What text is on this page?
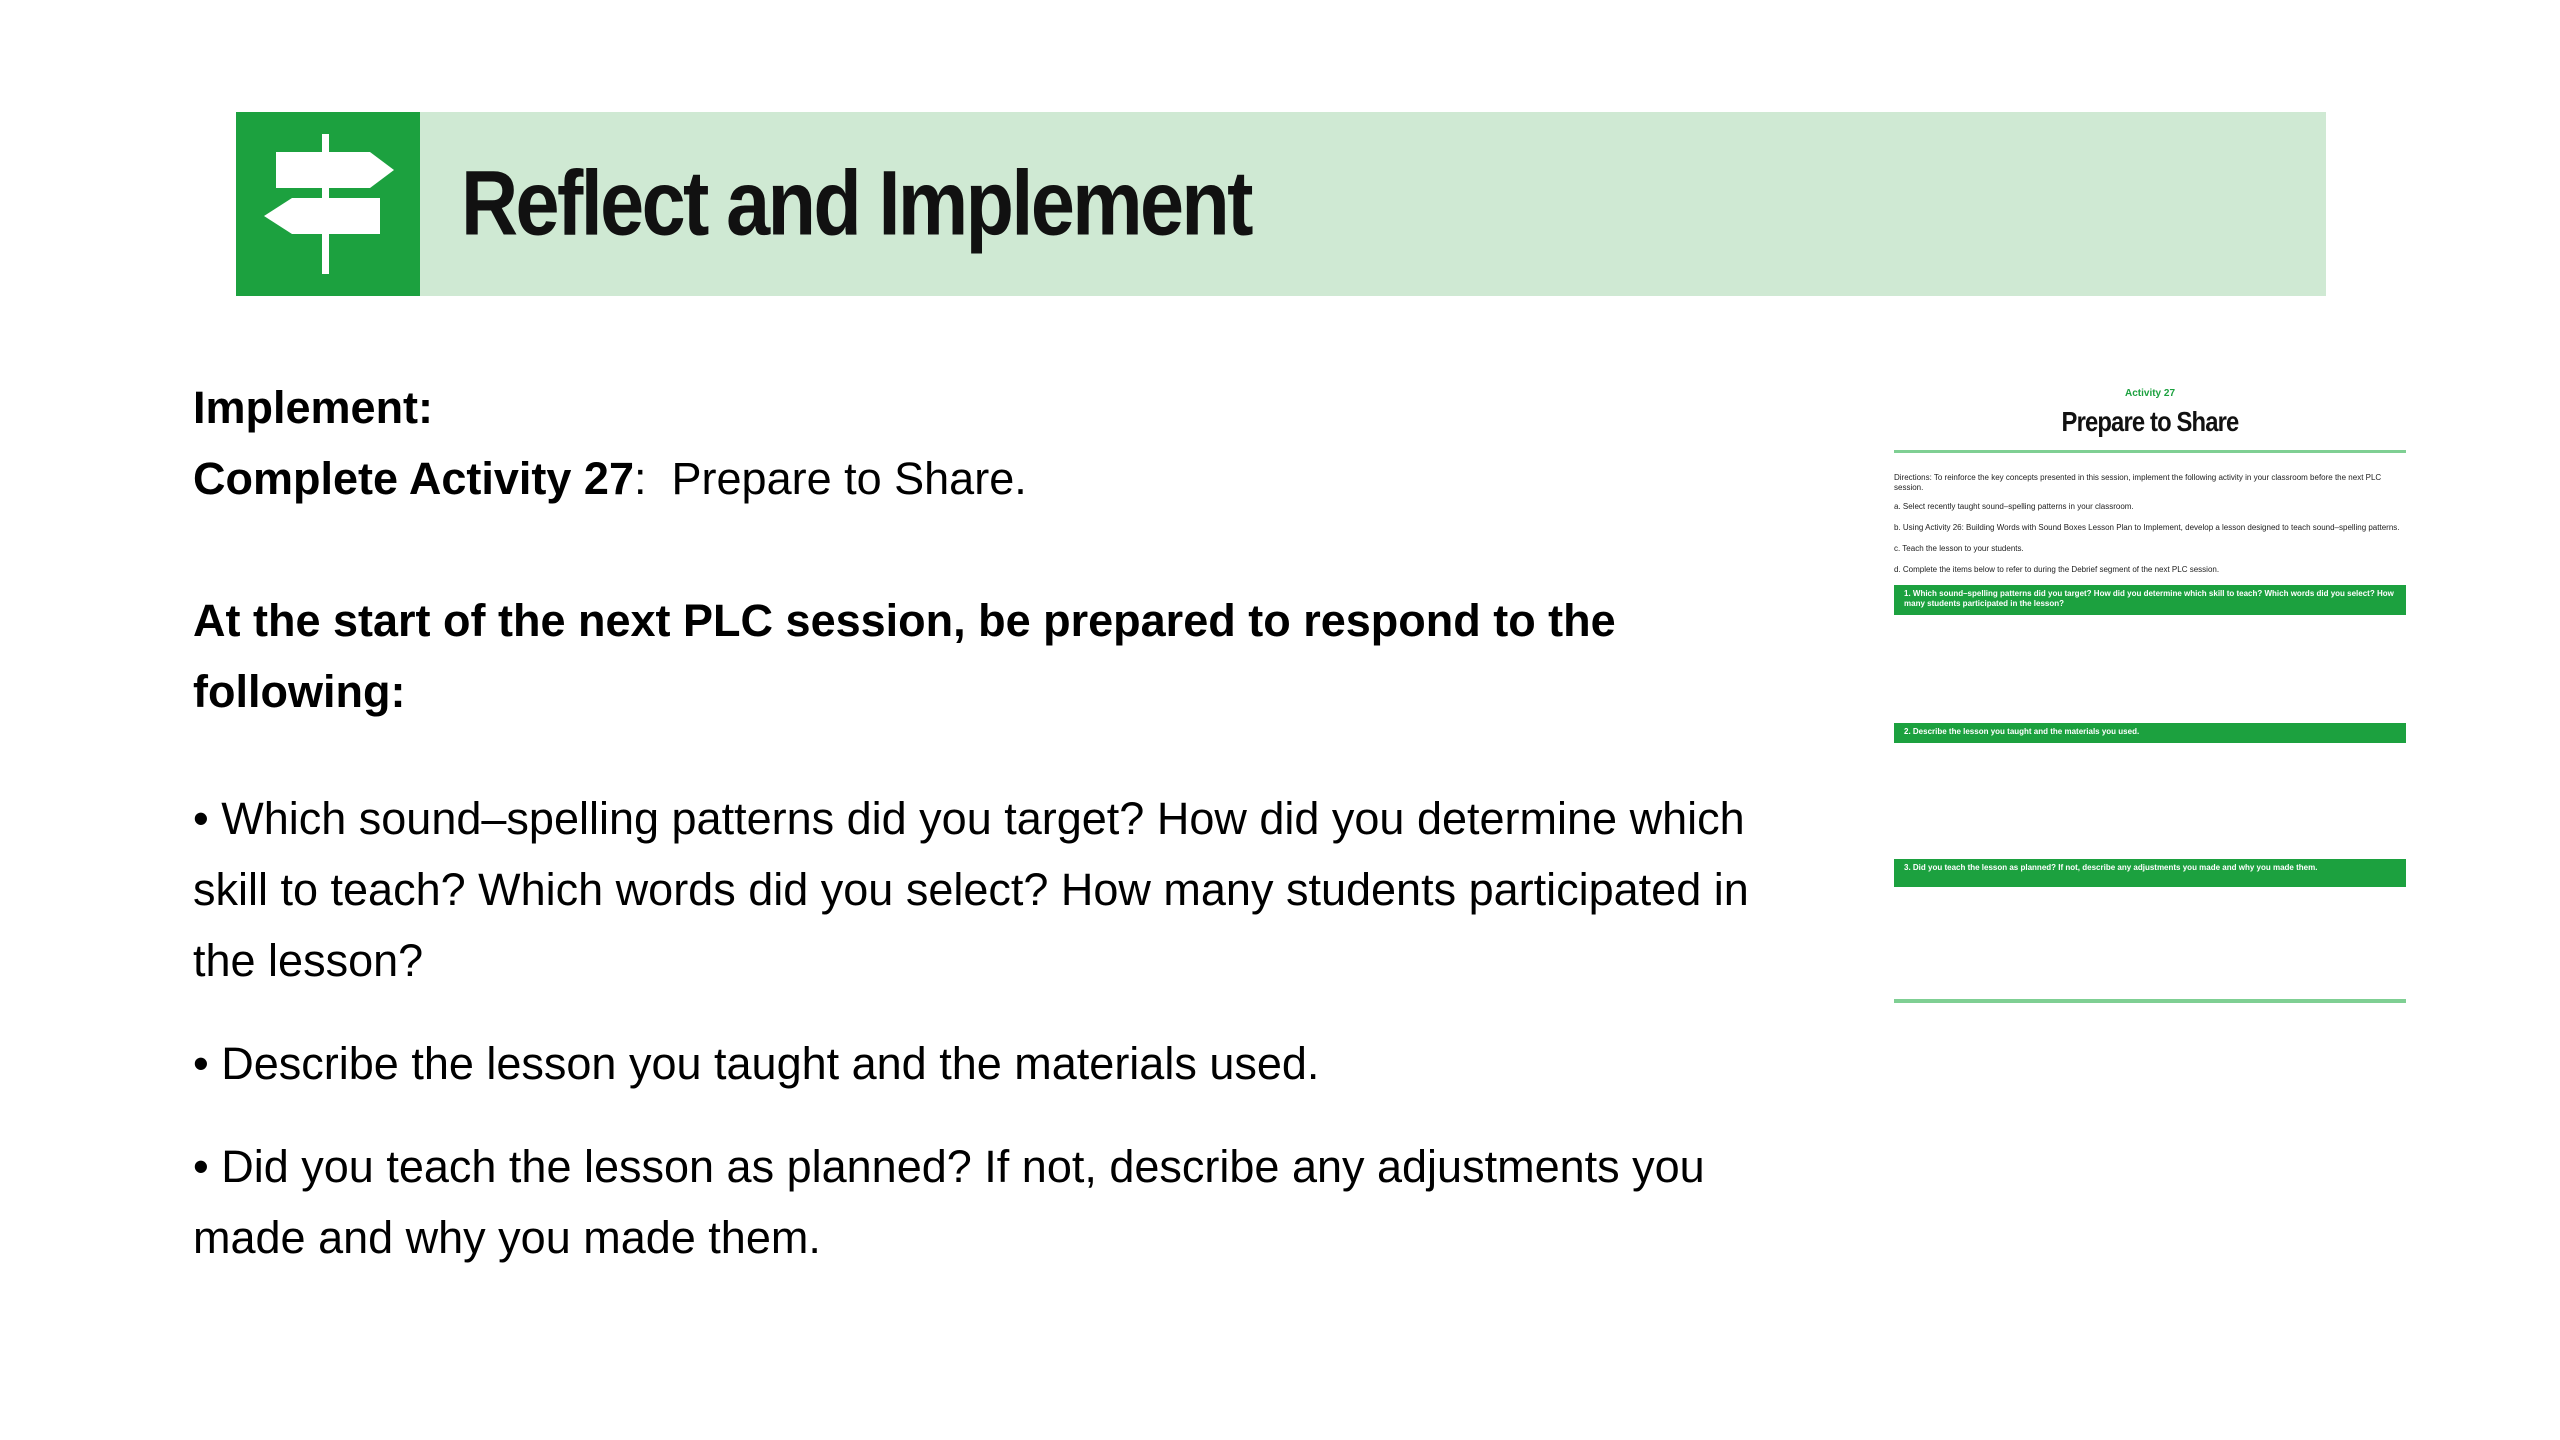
Reflect and Implement
Implement:
Complete Activity 27: Prepare to Share.
At the start of the next PLC session, be prepared to respond to the
following:
• Which sound–spelling patterns did you target? How did you determine which skill to teach? Which words did you select? How many students participated in the lesson?
• Describe the lesson you taught and the materials used.
• Did you teach the lesson as planned? If not, describe any adjustments you made and why you made them.
Activity 27
Prepare to Share
Directions: To reinforce the key concepts presented in this session, implement the following activity in your classroom before the next PLC session.
a. Select recently taught sound–spelling patterns in your classroom.
b. Using Activity 26: Building Words with Sound Boxes Lesson Plan to Implement, develop a lesson designed to teach sound–spelling patterns.
c. Teach the lesson to your students.
d. Complete the items below to refer to during the Debrief segment of the next PLC session.
1. Which sound–spelling patterns did you target? How did you determine which skill to teach? Which words did you select? How many students participated in the lesson?
2. Describe the lesson you taught and the materials you used.
3. Did you teach the lesson as planned? If not, describe any adjustments you made and why you made them.
